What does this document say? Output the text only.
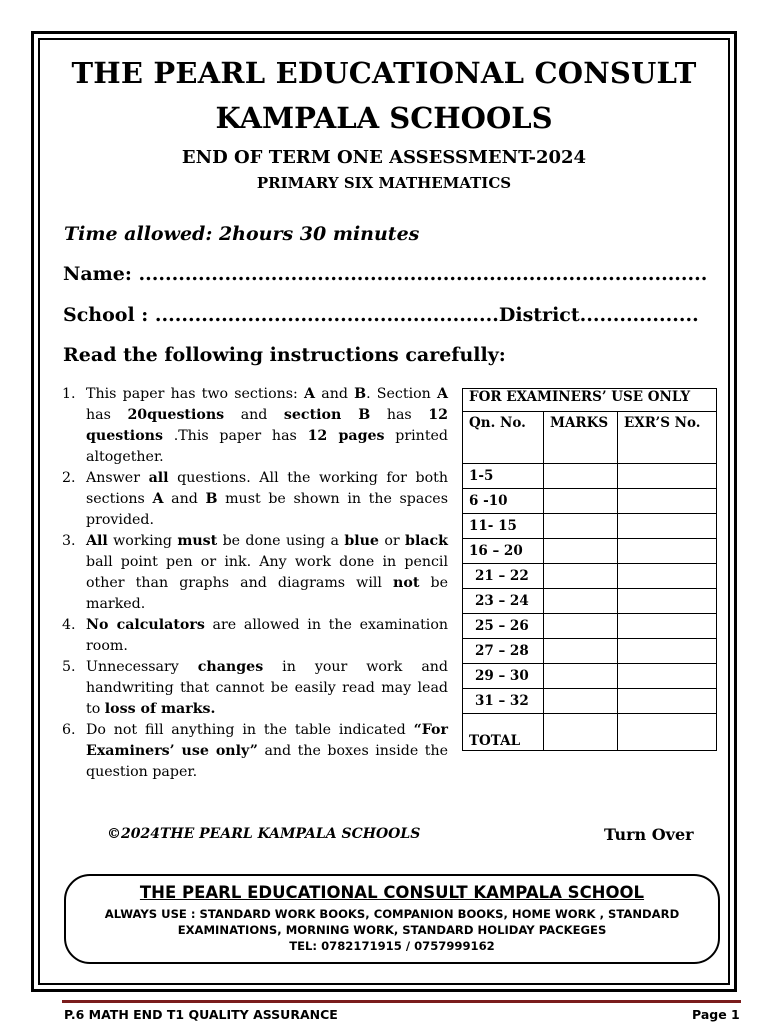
THE PEARL EDUCATIONAL CONSULT
KAMPALA SCHOOLS
END OF TERM ONE ASSESSMENT-2024
PRIMARY SIX MATHEMATICS
Time allowed: 2hours 30 minutes
Name: ......................................................................................
School : ....................................................District..................
Read the following instructions carefully:
1. This paper has two sections: A and B. Section A has 20questions and section B has 12 questions .This paper has 12 pages printed altogether.
2. Answer all questions. All the working for both sections A and B must be shown in the spaces provided.
3. All working must be done using a blue or black ball point pen or ink. Any work done in pencil other than graphs and diagrams will not be marked.
4. No calculators are allowed in the examination room.
5. Unnecessary changes in your work and handwriting that cannot be easily read may lead to loss of marks.
6. Do not fill anything in the table indicated “For Examiners’ use only” and the boxes inside the question paper.
FOR EXAMINERS’ USE ONLY		
Qn. No.	MARKS	EXR’S No.
1-5		
6 -10		
11- 15		
16 – 20		
21 – 22		
23 – 24		
25 – 26		
27 – 28		
29 – 30		
31 – 32		
TOTAL		
©2024THE PEARL KAMPALA SCHOOLS	Turn Over
THE PEARL EDUCATIONAL CONSULT KAMPALA SCHOOL
ALWAYS USE : STANDARD WORK BOOKS, COMPANION BOOKS, HOME WORK , STANDARD
EXAMINATIONS, MORNING WORK, STANDARD HOLIDAY PACKEGES
TEL: 0782171915 / 0757999162
P.6 MATH END T1 QUALITY ASSURANCE	Page 1
